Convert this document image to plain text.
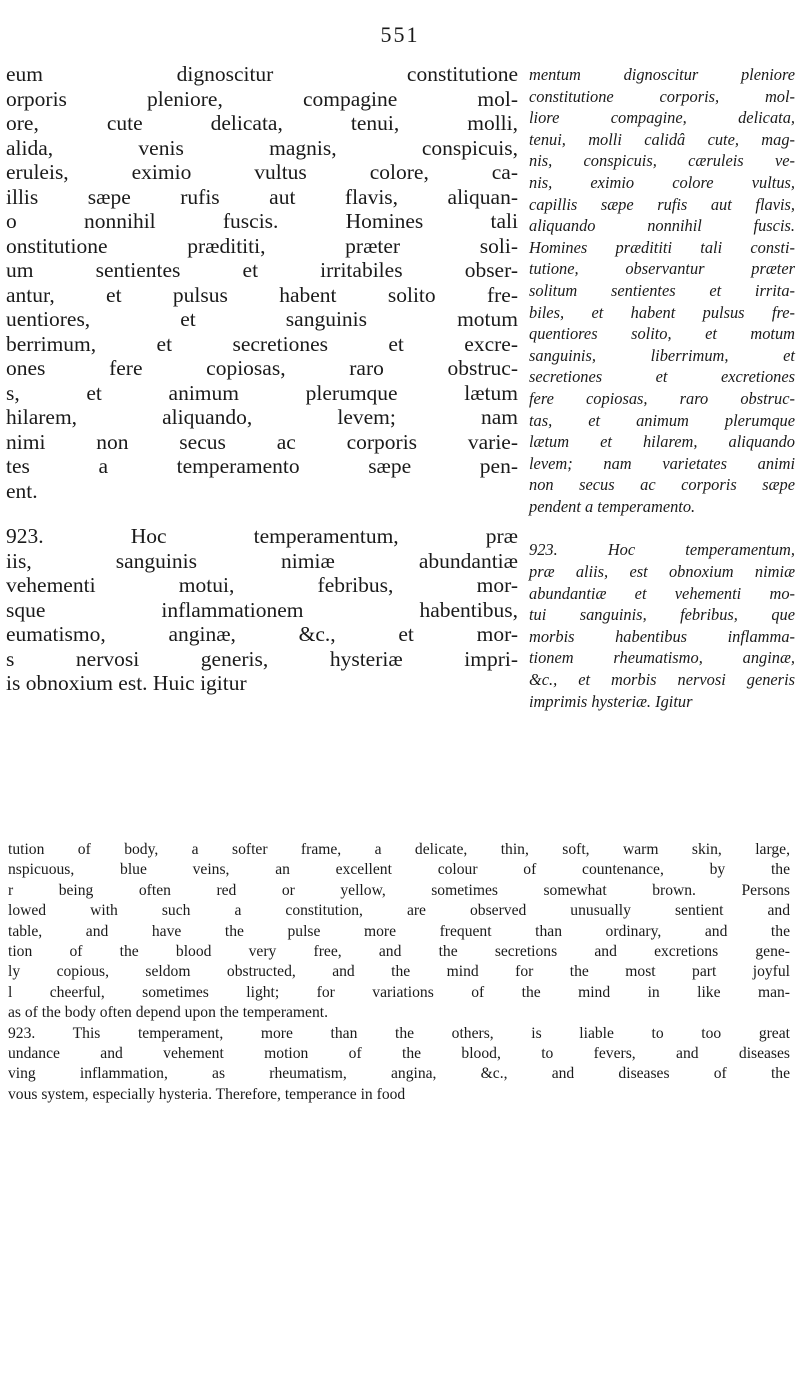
551
eum dignoscitur constitutione
orporis pleniore, compagine mol-
ore, cute delicata, tenui, molli,
alida, venis magnis, conspicuis,
eruleis, eximio vultus colore, ca-
illis sæpe rufis aut flavis, aliquan-
o nonnihil fuscis. Homines tali
onstitutione prædititi, præter soli-
um sentientes et irritabiles obser-
antur, et pulsus habent solito fre-
uentiores, et sanguinis motum
berrimum, et secretiones et excre-
ones fere copiosas, raro obstruc-
s, et animum plerumque lætum
hilarem, aliquando, levem; nam
nimi non secus ac corporis varie-
tes a temperamento sæpe pen-
ent.
923. Hoc temperamentum, præ
iis, sanguinis nimiæ abundantiæ
vehementi motui, febribus, mor-
sque inflammationem habentibus,
eumatismo, anginæ, &c., et mor-
s nervosi generis, hysteriæ impri-
is obnoxium est. Huic igitur
mentum dignoscitur pleniore
constitutione corporis, mol-
liore compagine, delicata,
tenui, molli calidâ cute, mag-
nis, conspicuis, cæruleis ve-
nis, eximio colore vultus,
capillis sæpe rufis aut flavis,
aliquando nonnihil fuscis.
Homines prædititi tali consti-
tutione, observantur præter
solitum sentientes et irrita-
biles, et habent pulsus fre-
quentiores solito, et motum
sanguinis, liberrimum, et
secretiones et excretiones
fere copiosas, raro obstruc-
tas, et animum plerumque
lætum et hilarem, aliquando
levem; nam varietates animi
non secus ac corporis sæpe
pendent a temperamento.
923. Hoc temperamentum,
præ aliis, est obnoxium nimiæ
abundantiæ et vehementi mo-
tui sanguinis, febribus, que
morbis habentibus inflamma-
tionem rheumatismo, anginæ,
&c., et morbis nervosi generis
imprimis hysteriæ. Igitur
tution of body, a softer frame, a delicate, thin, soft, warm skin, large,
nspicuous, blue veins, an excellent colour of countenance, by the
r being often red or yellow, sometimes somewhat brown. Persons
lowed with such a constitution, are observed unusually sentient and
table, and have the pulse more frequent than ordinary, and the
tion of the blood very free, and the secretions and excretions gene-
ly copious, seldom obstructed, and the mind for the most part joyful
l cheerful, sometimes light; for variations of the mind in like man-
as of the body often depend upon the temperament.
923. This temperament, more than the others, is liable to too great
undance and vehement motion of the blood, to fevers, and diseases
ving inflammation, as rheumatism, angina, &c., and diseases of the
vous system, especially hysteria. Therefore, temperance in food
